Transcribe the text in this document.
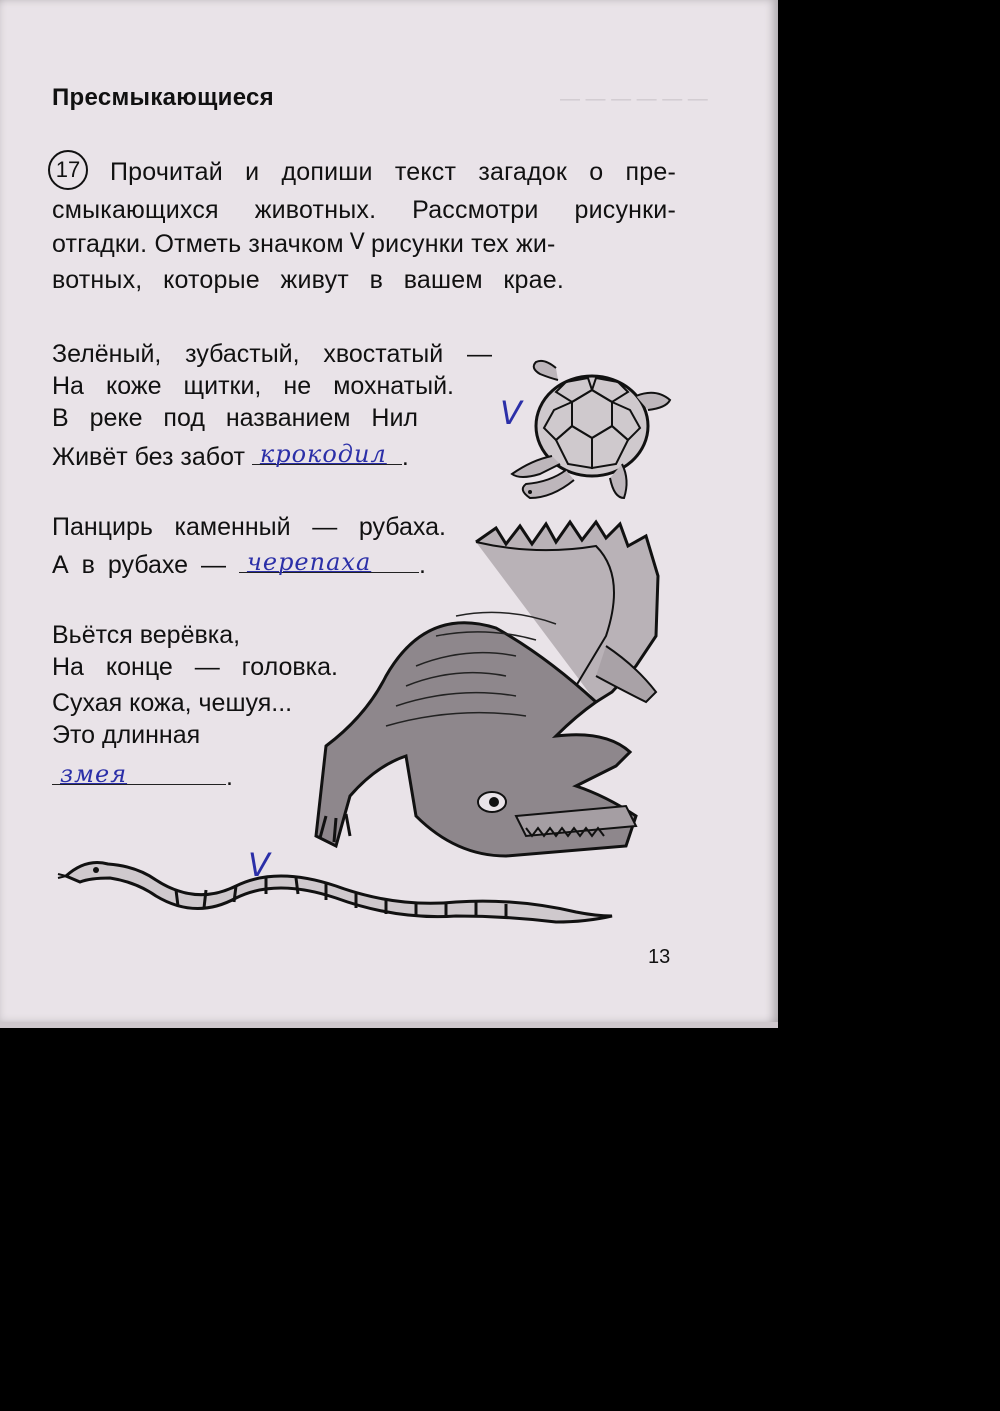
— — — — — —
Пресмыкающиеся
17	Прочитай и допиши текст загадок о пре-
смыкающихся животных. Рассмотри рисунки-
отгадки. Отметь значком V рисунки тех жи-
вотных, которые живут в вашем крае.
Зелёный, зубастый, хвостатый —
На коже щитки, не мохнатый.
В реке под названием Нил
Живёт без забот крокодил .
Панцирь каменный — рубаха.
А в рубахе — черепаха .
Вьётся верёвка,
На конце — головка.
Сухая кожа, чешуя...
Это длинная
змея	.
V
V
13
